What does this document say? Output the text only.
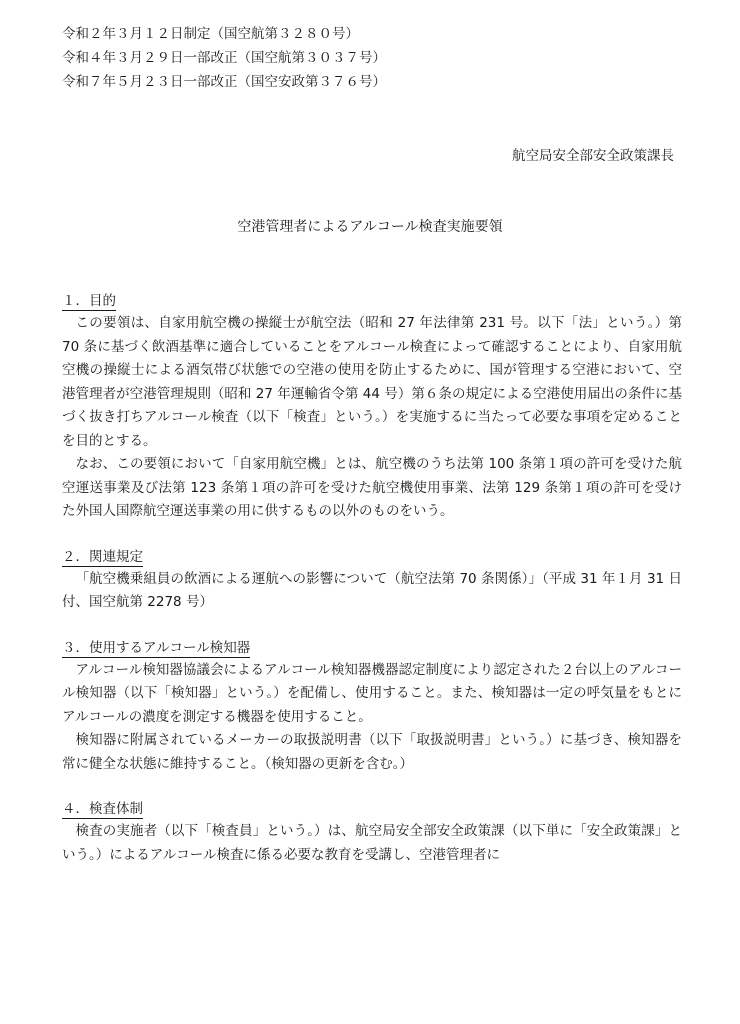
令和２年３月１２日制定（国空航第３２８０号）
令和４年３月２９日一部改正（国空航第３０３７号）
令和７年５月２３日一部改正（国空安政第３７６号）
航空局安全部安全政策課長
空港管理者によるアルコール検査実施要領
１．目的

この要領は、自家用航空機の操縦士が航空法（昭和 27 年法律第 231 号。以下「法」という。）第 70 条に基づく飲酒基準に適合していることをアルコール検査によって確認することにより、自家用航空機の操縦士による酒気帯び状態での空港の使用を防止するために、国が管理する空港において、空港管理者が空港管理規則（昭和 27 年運輸省令第 44 号）第６条の規定による空港使用届出の条件に基づく抜き打ちアルコール検査（以下「検査」という。）を実施するに当たって必要な事項を定めることを目的とする。

なお、この要領において「自家用航空機」とは、航空機のうち法第 100 条第１項の許可を受けた航空運送事業及び法第 123 条第１項の許可を受けた航空機使用事業、法第 129 条第１項の許可を受けた外国人国際航空運送事業の用に供するもの以外のものをいう。

２．関連規定

「航空機乗組員の飲酒による運航への影響について（航空法第 70 条関係）」（平成 31 年１月 31 日付、国空航第 2278 号）

３．使用するアルコール検知器

アルコール検知器協議会によるアルコール検知器機器認定制度により認定された２台以上のアルコール検知器（以下「検知器」という。）を配備し、使用すること。また、検知器は一定の呼気量をもとにアルコールの濃度を測定する機器を使用すること。

検知器に附属されているメーカーの取扱説明書（以下「取扱説明書」という。）に基づき、検知器を常に健全な状態に維持すること。（検知器の更新を含む。）

４．検査体制

検査の実施者（以下「検査員」という。）は、航空局安全部安全政策課（以下単に「安全政策課」という。）によるアルコール検査に係る必要な教育を受講し、空港管理者に
